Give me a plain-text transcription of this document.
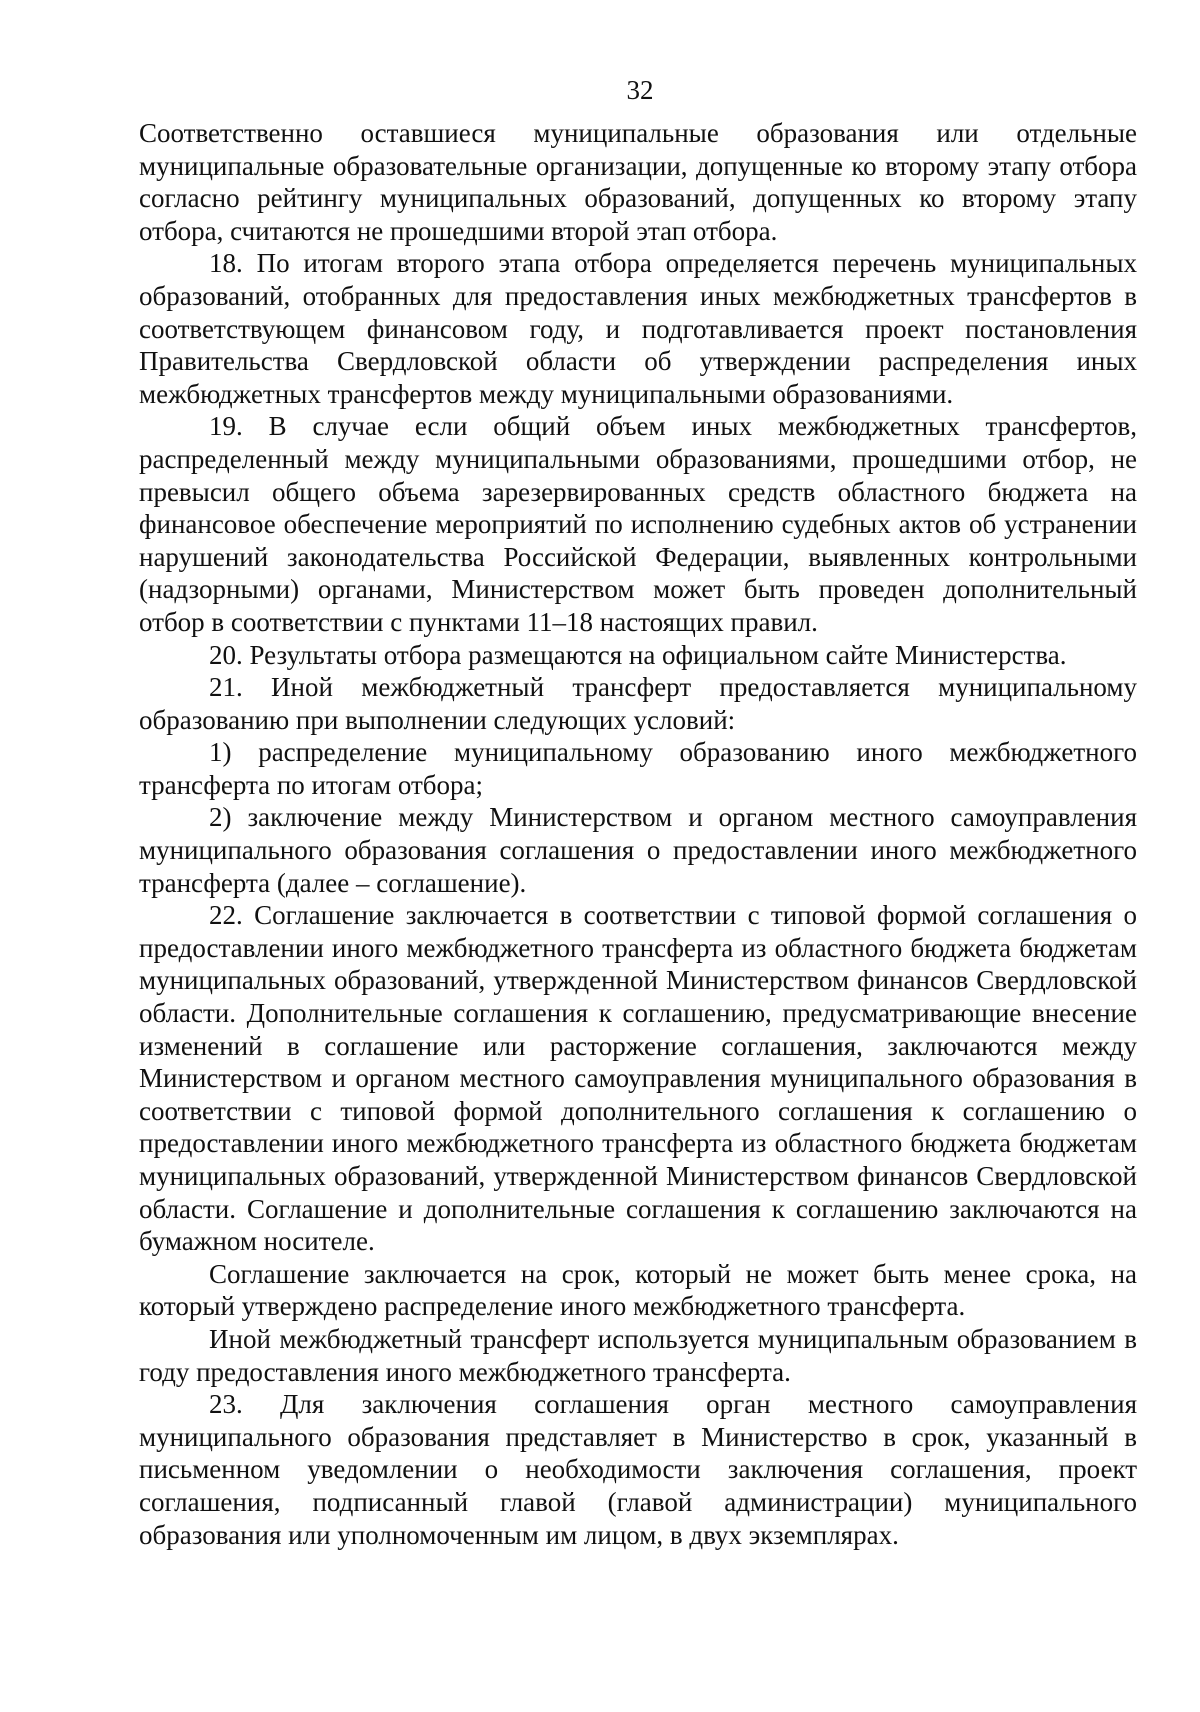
32

Соответственно оставшиеся муниципальные образования или отдельные муниципальные образовательные организации, допущенные ко второму этапу отбора согласно рейтингу муниципальных образований, допущенных ко второму этапу отбора, считаются не прошедшими второй этап отбора.

18. По итогам второго этапа отбора определяется перечень муниципальных образований, отобранных для предоставления иных межбюджетных трансфертов в соответствующем финансовом году, и подготавливается проект постановления Правительства Свердловской области об утверждении распределения иных межбюджетных трансфертов между муниципальными образованиями.

19. В случае если общий объем иных межбюджетных трансфертов, распределенный между муниципальными образованиями, прошедшими отбор, не превысил общего объема зарезервированных средств областного бюджета на финансовое обеспечение мероприятий по исполнению судебных актов об устранении нарушений законодательства Российской Федерации, выявленных контрольными (надзорными) органами, Министерством может быть проведен дополнительный отбор в соответствии с пунктами 11–18 настоящих правил.

20. Результаты отбора размещаются на официальном сайте Министерства.

21. Иной межбюджетный трансферт предоставляется муниципальному образованию при выполнении следующих условий:

1) распределение муниципальному образованию иного межбюджетного трансферта по итогам отбора;

2) заключение между Министерством и органом местного самоуправления муниципального образования соглашения о предоставлении иного межбюджетного трансферта (далее – соглашение).

22. Соглашение заключается в соответствии с типовой формой соглашения о предоставлении иного межбюджетного трансферта из областного бюджета бюджетам муниципальных образований, утвержденной Министерством финансов Свердловской области. Дополнительные соглашения к соглашению, предусматривающие внесение изменений в соглашение или расторжение соглашения, заключаются между Министерством и органом местного самоуправления муниципального образования в соответствии с типовой формой дополнительного соглашения к соглашению о предоставлении иного межбюджетного трансферта из областного бюджета бюджетам муниципальных образований, утвержденной Министерством финансов Свердловской области. Соглашение и дополнительные соглашения к соглашению заключаются на бумажном носителе.

Соглашение заключается на срок, который не может быть менее срока, на который утверждено распределение иного межбюджетного трансферта.

Иной межбюджетный трансферт используется муниципальным образованием в году предоставления иного межбюджетного трансферта.

23. Для заключения соглашения орган местного самоуправления муниципального образования представляет в Министерство в срок, указанный в письменном уведомлении о необходимости заключения соглашения, проект соглашения, подписанный главой (главой администрации) муниципального образования или уполномоченным им лицом, в двух экземплярах.
